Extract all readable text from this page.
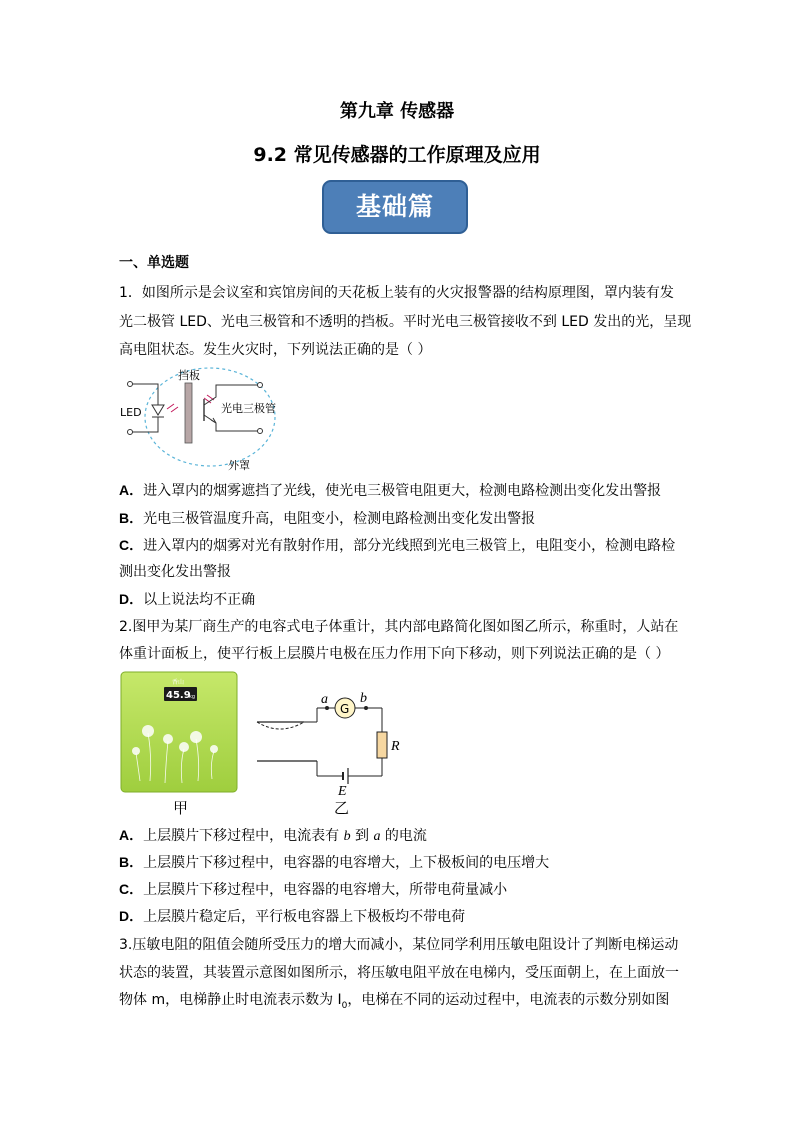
第九章 传感器
9.2 常见传感器的工作原理及应用
基础篇
一、单选题
1．如图所示是会议室和宾馆房间的天花板上装有的火灾报警器的结构原理图，罩内装有发
光二极管 LED、光电三极管和不透明的挡板。平时光电三极管接收不到 LED 发出的光，呈现
高电阻状态。发生火灾时，下列说法正确的是（ ）
挡板
LED	光电三极管
外罩
A．进入罩内的烟雾遮挡了光线，使光电三极管电阻更大，检测电路检测出变化发出警报
B．光电三极管温度升高，电阻变小，检测电路检测出变化发出警报
C．进入罩内的烟雾对光有散射作用，部分光线照到光电三极管上，电阻变小，检测电路检
测出变化发出警报
D．以上说法均不正确
2.图甲为某厂商生产的电容式电子体重计，其内部电路简化图如图乙所示，称重时，人站在
体重计面板上，使平行板上层膜片电极在压力作用下向下移动，则下列说法正确的是（ ）
香山
45.9
kg
G
a b
R
E
甲	乙
A．上层膜片下移过程中，电流表有 b 到 a 的电流
B．上层膜片下移过程中，电容器的电容增大，上下极板间的电压增大
C．上层膜片下移过程中，电容器的电容增大，所带电荷量减小
D．上层膜片稳定后，平行板电容器上下极板均不带电荷
3.压敏电阻的阻值会随所受压力的增大而减小，某位同学利用压敏电阻设计了判断电梯运动
状态的装置，其装置示意图如图所示，将压敏电阻平放在电梯内，受压面朝上，在上面放一
物体 m，电梯静止时电流表示数为 $I_0$，电梯在不同的运动过程中，电流表的示数分别如图
